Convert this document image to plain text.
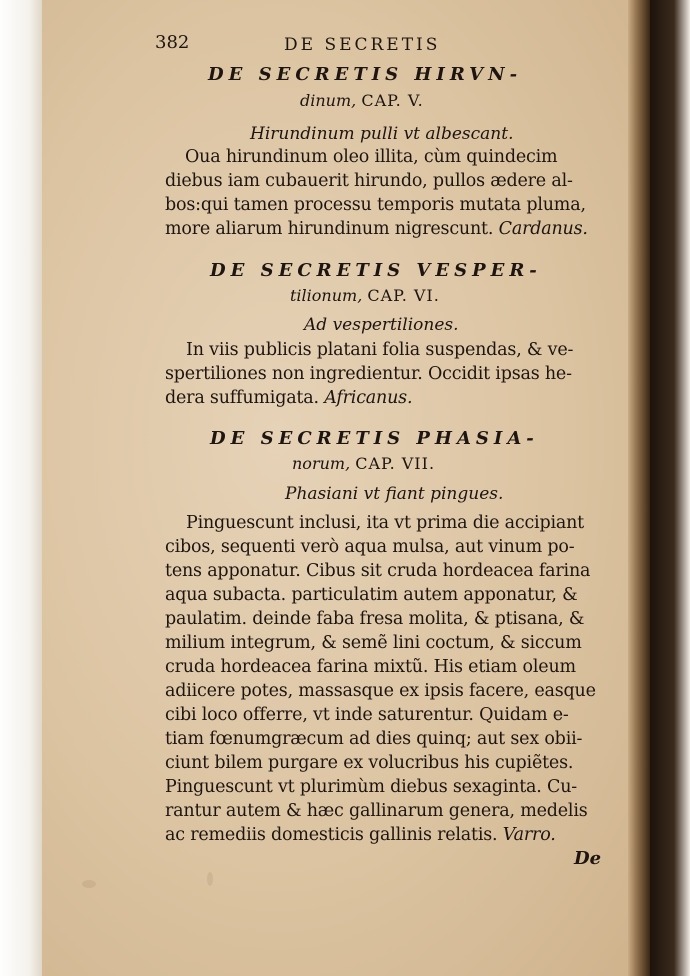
382	DE SECRETIS
DE SECRETIS HIRVN-
dinum, CAP. V.
Hirundinum pulli vt albescant.
Oua hirundinum oleo illita, cùm quindecim
diebus iam cubauerit hirundo, pullos ædere al-
bos:qui tamen processu temporis mutata pluma,
more aliarum hirundinum nigrescunt. Cardanus.
DE SECRETIS VESPER-
tilionum, CAP. VI.
Ad vespertiliones.
In viis publicis platani folia suspendas, & ve-
spertiliones non ingredientur. Occidit ipsas he-
dera suffumigata. Africanus.
DE SECRETIS PHASIA-
norum, CAP. VII.
Phasiani vt fiant pingues.
Pinguescunt inclusi, ita vt prima die accipiant
cibos, sequenti verò aqua mulsa, aut vinum po-
tens apponatur. Cibus sit cruda hordeacea farina
aqua subacta. particulatim autem apponatur, &
paulatim. deinde faba fresa molita, & ptisana, &
milium integrum, & semẽ lini coctum, & siccum
cruda hordeacea farina mixtũ. His etiam oleum
adiicere potes, massasque ex ipsis facere, easque
cibi loco offerre, vt inde saturentur. Quidam e-
tiam fœnumgræcum ad dies quinq; aut sex obii-
ciunt bilem purgare ex volucribus his cupiẽtes.
Pinguescunt vt plurimùm diebus sexaginta. Cu-
rantur autem & hæc gallinarum genera, medelis
ac remediis domesticis gallinis relatis. Varro.
De
